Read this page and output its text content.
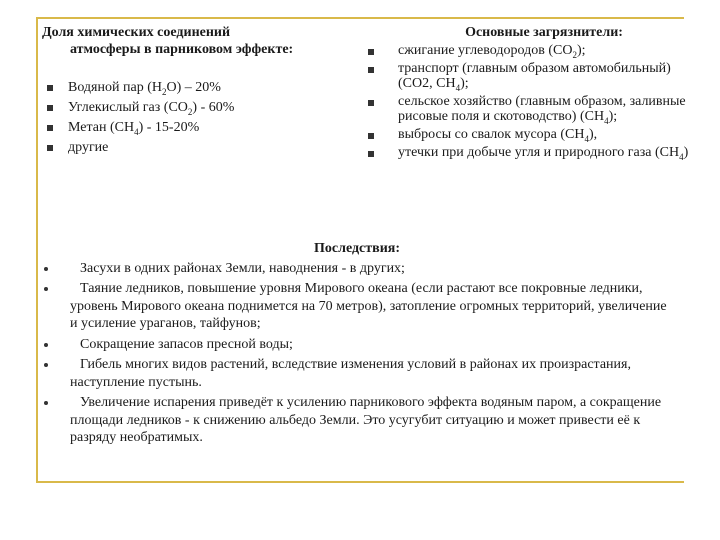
Доля химических соединений
атмосферы в парниковом эффекте:

Водяной пар $(H_2O) - 20\%$
Углекислый газ $(CO_2) - 60\%$
Метан $(CH_4) - 15-20\%$
другие

Основные загрязнители:

сжигание углеводородов $(CO_2)$;
транспорт (главным образом автомобильный) (CO2, $CH_4$);
сельское хозяйство (главным образом, заливные рисовые поля и скотоводство) $(CH_4)$;
выбросы со свалок мусора $(CH_4)$,
утечки при добыче угля и природного газа $(CH_4)$

Последствия:

Засухи в одних районах Земли, наводнения - в других;
Таяние ледников, повышение уровня Мирового океана (если растают все покровные ледники, уровень Мирового океана поднимется на 70 метров), затопление огромных территорий, увеличение и усиление ураганов, тайфунов;
Сокращение запасов пресной воды;
Гибель многих видов растений, вследствие изменения условий в районах их произрастания, наступление пустынь.
Увеличение испарения приведёт к усилению парникового эффекта водяным паром, а сокращение площади ледников - к снижению альбедо Земли. Это усугубит ситуацию и может привести её к разряду необратимых.
